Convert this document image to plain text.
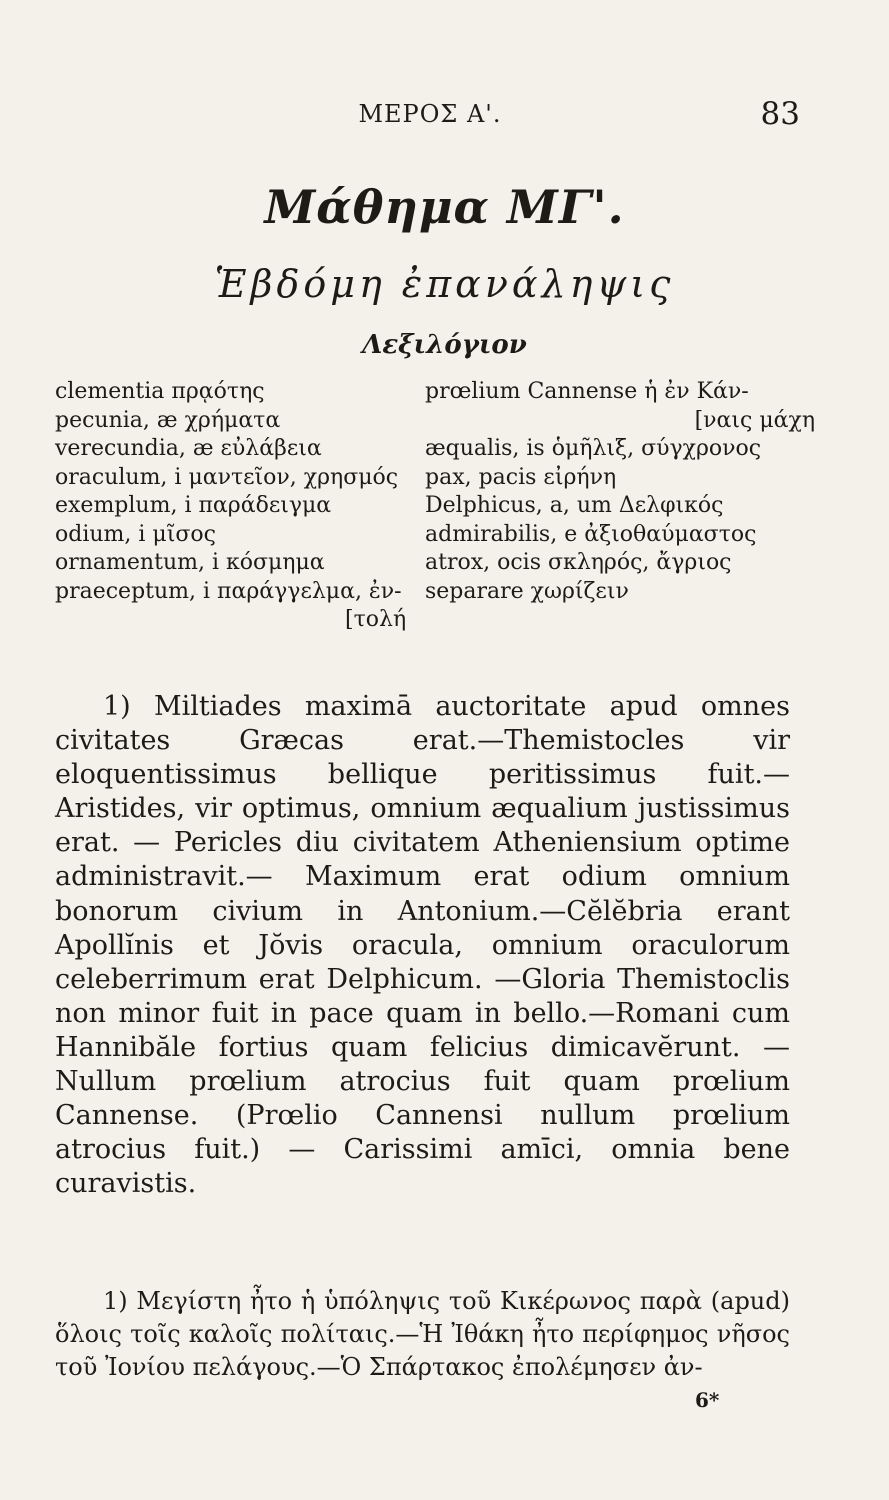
ΜΕΡΟΣ Α'.	83
Μάθημα ΜΓ'.
Ἑβδόμη ἐπανάληψις
Λεξιλόγιον
clementia πρᾳότης
pecunia, æ χρήματα
verecundia, æ εὐλάβεια
oraculum, i μαντεῖον, χρησμός
exemplum, i παράδειγμα
odium, i μῖσος
ornamentum, i κόσμημα
praeceptum, i παράγγελμα, ἐν-
[τολή
prœlium Cannense ἡ ἐν Κάν-
[ναις μάχη
æqualis, is ὁμῆλιξ, σύγχρονος
pax, pacis εἰρήνη
Delphicus, a, um Δελφικός
admirabilis, e ἀξιοθαύμαστος
atrox, ocis σκληρός, ἄγριος
separare χωρίζειν

1) Miltiades maximā auctoritate apud omnes civitates Græcas erat.—Themistocles vir eloquentissimus bellique peritissimus fuit.—Aristides, vir optimus, omnium æqualium justissimus erat. — Pericles diu civitatem Atheniensium optime administravit.— Maximum erat odium omnium bonorum civium in Antonium.—Cĕlĕbria erant Apollĭnis et Jŏvis oracula, omnium oraculorum celeberrimum erat Delphicum. —Gloria Themistoclis non minor fuit in pace quam in bello.—Romani cum Hannibăle fortius quam felicius dimicavĕrunt. — Nullum prœlium atrocius fuit quam prœlium Cannense. (Prœlio Cannensi nullum prœlium atrocius fuit.) — Carissimi amīci, omnia bene curavistis.

1) Μεγίστη ἦτο ἡ ὑπόληψις τοῦ Κικέρωνος παρὰ (apud) ὅλοις τοῖς καλοῖς πολίταις.—Ἡ Ἰθάκη ἦτο περίφημος νῆσος τοῦ Ἰονίου πελάγους.—Ὁ Σπάρτακος ἐπολέμησεν ἀν-

6*
